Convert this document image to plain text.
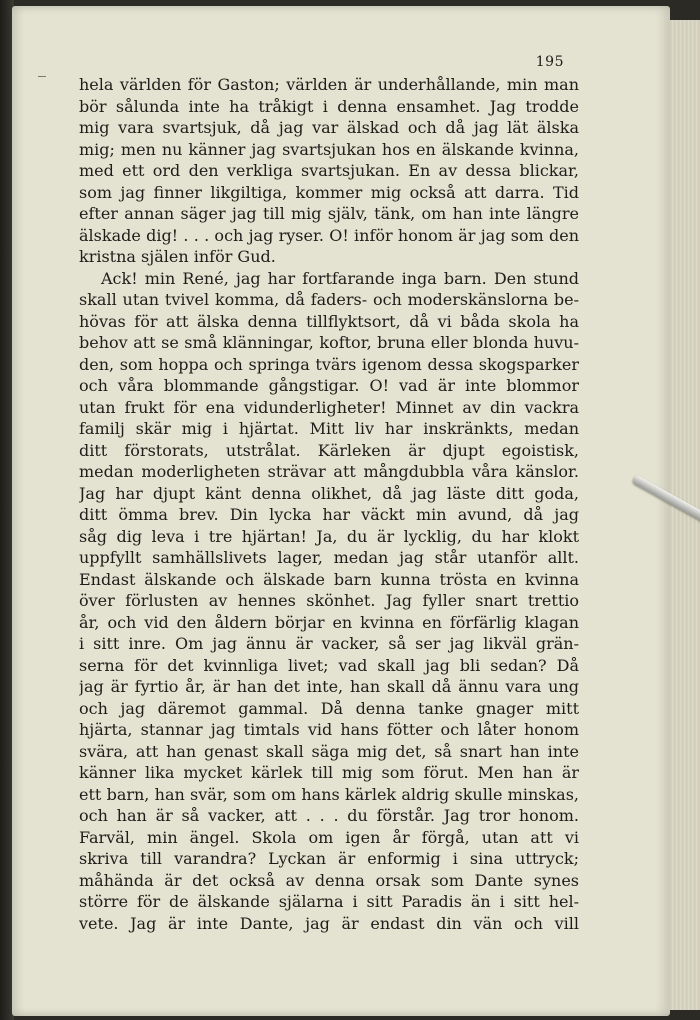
195
hela världen för Gaston; världen är underhållande, min man
bör sålunda inte ha tråkigt i denna ensamhet. Jag trodde
mig vara svartsjuk, då jag var älskad och då jag lät älska
mig; men nu känner jag svartsjukan hos en älskande kvinna,
med ett ord den verkliga svartsjukan. En av dessa blickar,
som jag finner likgiltiga, kommer mig också att darra. Tid
efter annan säger jag till mig själv, tänk, om han inte längre
älskade dig! . . . och jag ryser. O! inför honom är jag som den
kristna själen inför Gud.
Ack! min René, jag har fortfarande inga barn. Den stund
skall utan tvivel komma, då faders- och moderskänslorna be-
hövas för att älska denna tillflyktsort, då vi båda skola ha
behov att se små klänningar, koftor, bruna eller blonda huvu-
den, som hoppa och springa tvärs igenom dessa skogsparker
och våra blommande gångstigar. O! vad är inte blommor
utan frukt för ena vidunderligheter! Minnet av din vackra
familj skär mig i hjärtat. Mitt liv har inskränkts, medan
ditt förstorats, utstrålat. Kärleken är djupt egoistisk,
medan moderligheten strävar att mångdubbla våra känslor.
Jag har djupt känt denna olikhet, då jag läste ditt goda,
ditt ömma brev. Din lycka har väckt min avund, då jag
såg dig leva i tre hjärtan! Ja, du är lycklig, du har klokt
uppfyllt samhällslivets lager, medan jag står utanför allt.
Endast älskande och älskade barn kunna trösta en kvinna
över förlusten av hennes skönhet. Jag fyller snart trettio
år, och vid den åldern börjar en kvinna en förfärlig klagan
i sitt inre. Om jag ännu är vacker, så ser jag likväl grän-
serna för det kvinnliga livet; vad skall jag bli sedan? Då
jag är fyrtio år, är han det inte, han skall då ännu vara ung
och jag däremot gammal. Då denna tanke gnager mitt
hjärta, stannar jag timtals vid hans fötter och låter honom
svära, att han genast skall säga mig det, så snart han inte
känner lika mycket kärlek till mig som förut. Men han är
ett barn, han svär, som om hans kärlek aldrig skulle minskas,
och han är så vacker, att . . . du förstår. Jag tror honom.
Farväl, min ängel. Skola om igen år förgå, utan att vi
skriva till varandra? Lyckan är enformig i sina uttryck;
måhända är det också av denna orsak som Dante synes
större för de älskande själarna i sitt Paradis än i sitt hel-
vete. Jag är inte Dante, jag är endast din vän och vill
